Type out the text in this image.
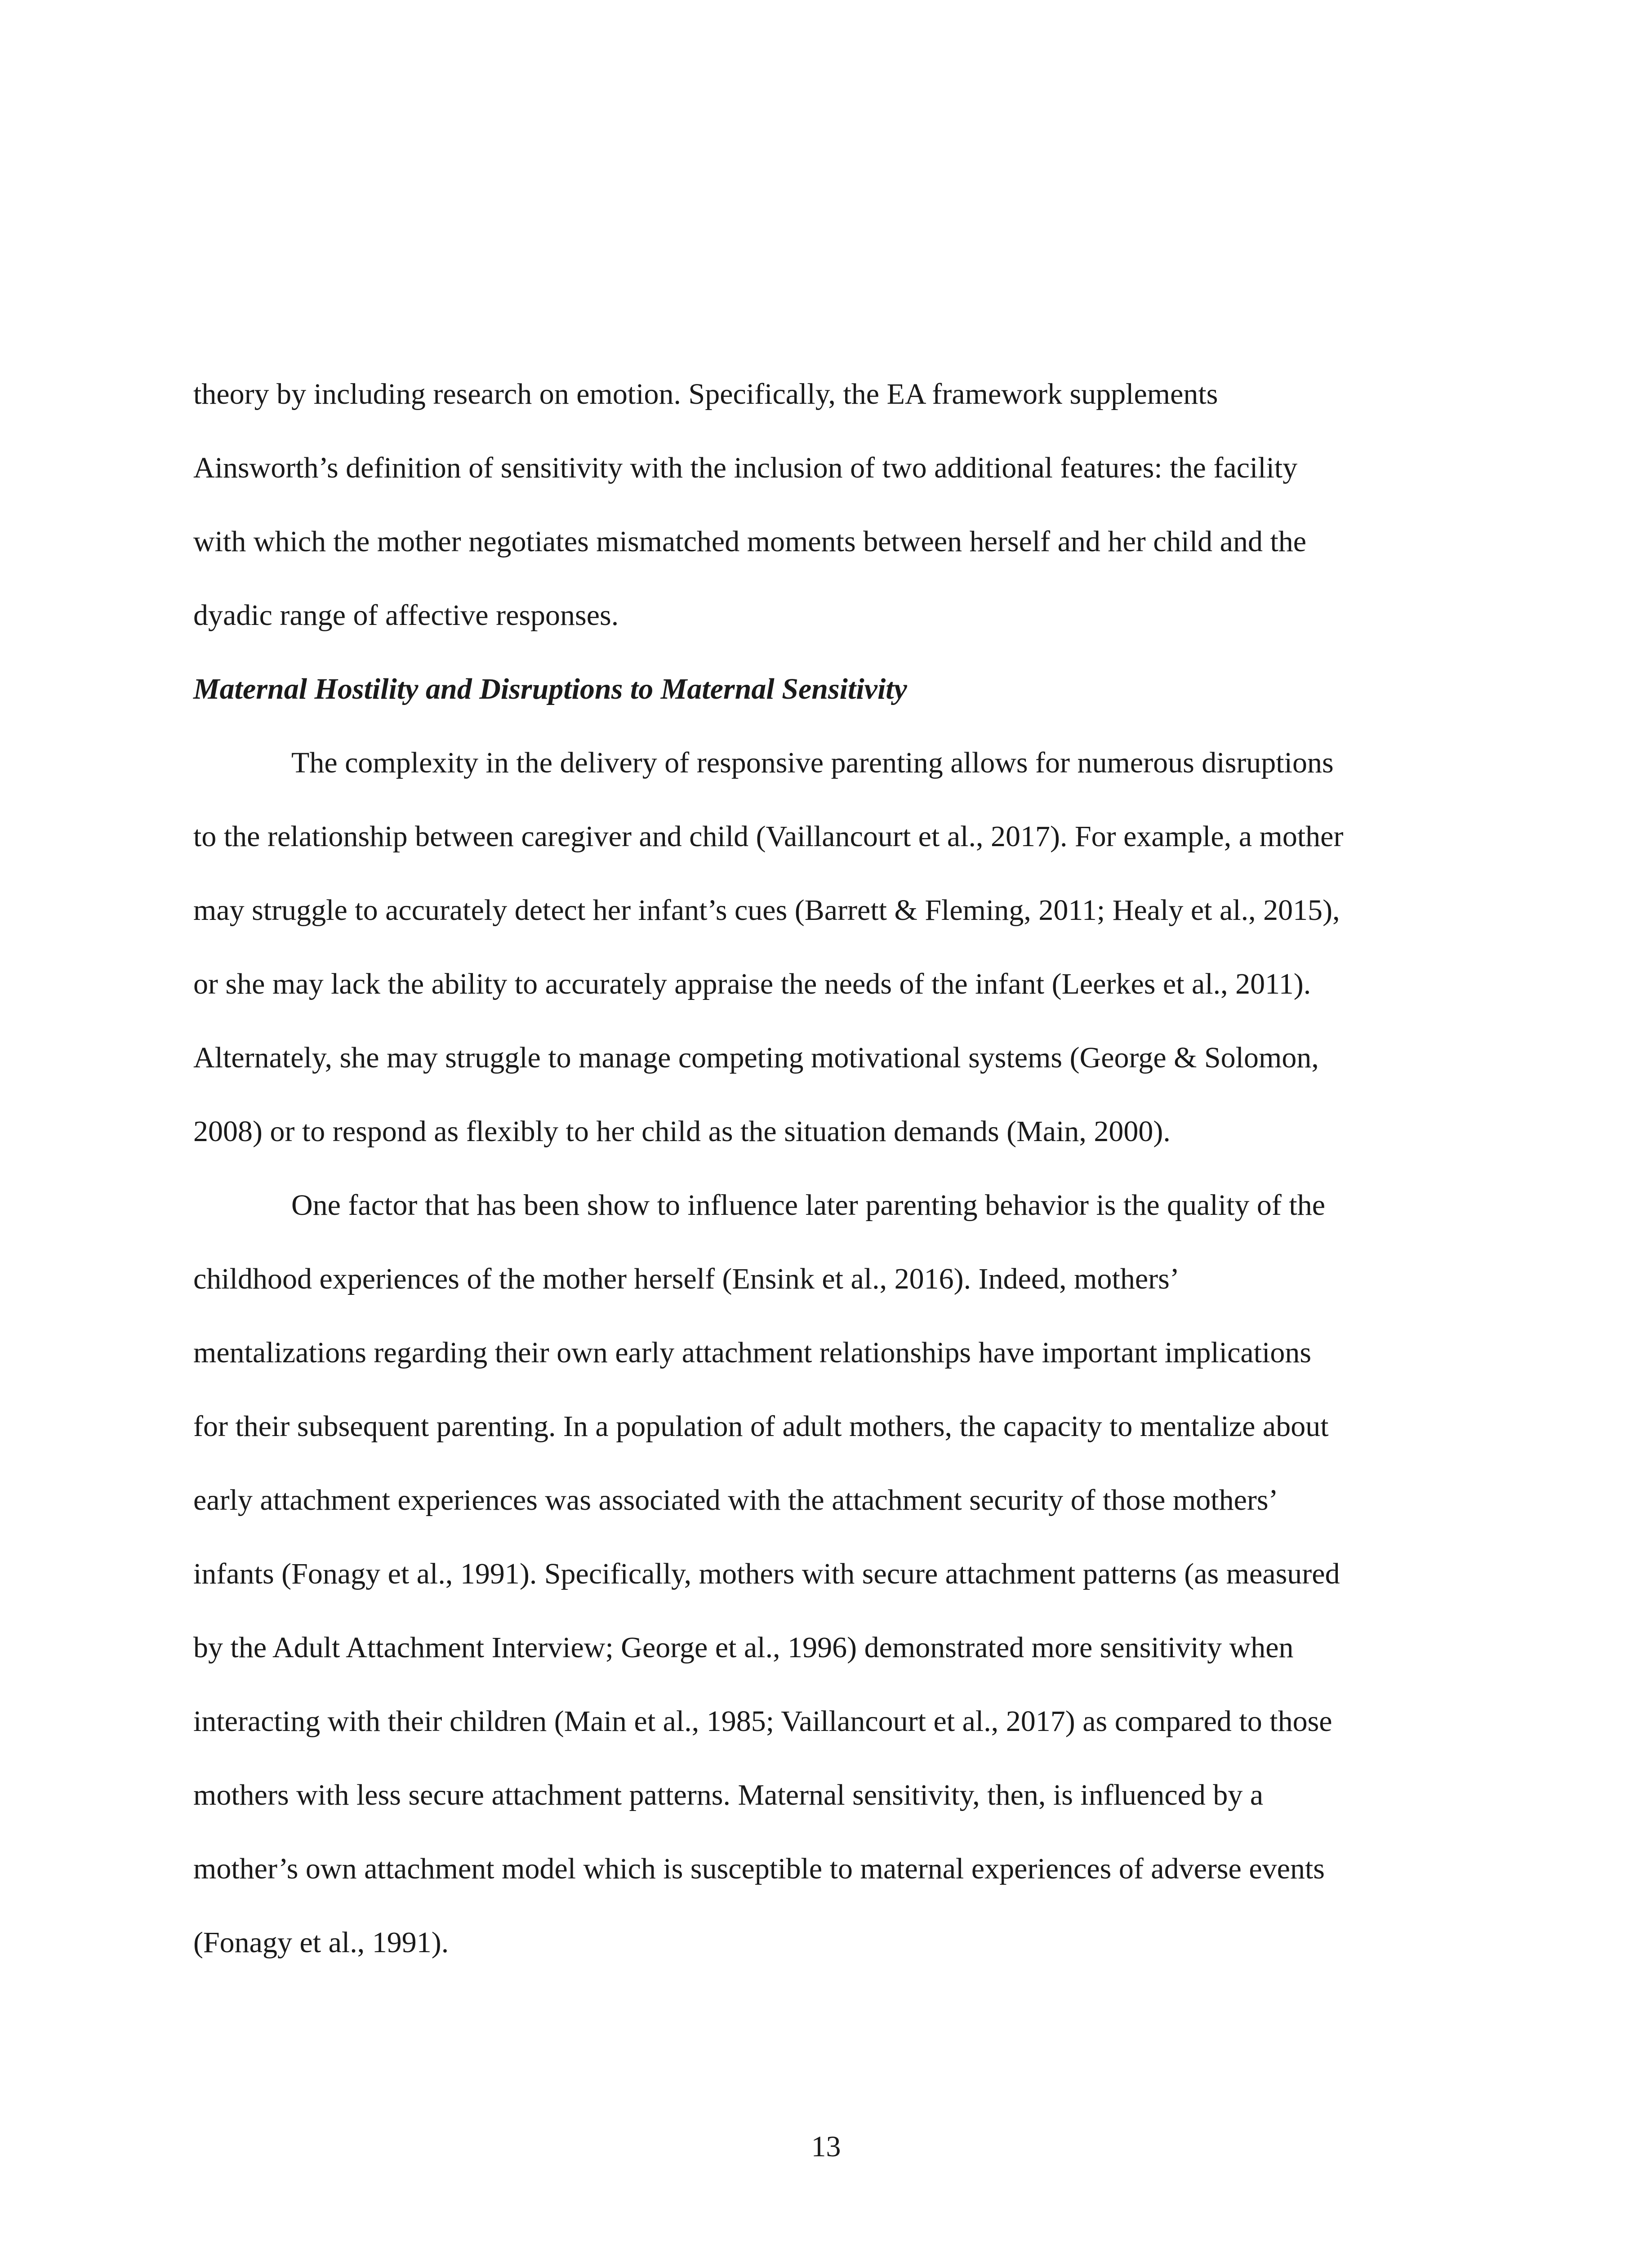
theory by including research on emotion. Specifically, the EA framework supplements
Ainsworth’s definition of sensitivity with the inclusion of two additional features: the facility
with which the mother negotiates mismatched moments between herself and her child and the
dyadic range of affective responses.
Maternal Hostility and Disruptions to Maternal Sensitivity
The complexity in the delivery of responsive parenting allows for numerous disruptions
to the relationship between caregiver and child (Vaillancourt et al., 2017). For example, a mother
may struggle to accurately detect her infant’s cues (Barrett & Fleming, 2011; Healy et al., 2015),
or she may lack the ability to accurately appraise the needs of the infant (Leerkes et al., 2011).
Alternately, she may struggle to manage competing motivational systems (George & Solomon,
2008) or to respond as flexibly to her child as the situation demands (Main, 2000).
One factor that has been show to influence later parenting behavior is the quality of the
childhood experiences of the mother herself (Ensink et al., 2016). Indeed, mothers’
mentalizations regarding their own early attachment relationships have important implications
for their subsequent parenting. In a population of adult mothers, the capacity to mentalize about
early attachment experiences was associated with the attachment security of those mothers’
infants (Fonagy et al., 1991). Specifically, mothers with secure attachment patterns (as measured
by the Adult Attachment Interview; George et al., 1996) demonstrated more sensitivity when
interacting with their children (Main et al., 1985; Vaillancourt et al., 2017) as compared to those
mothers with less secure attachment patterns. Maternal sensitivity, then, is influenced by a
mother’s own attachment model which is susceptible to maternal experiences of adverse events
(Fonagy et al., 1991).
13
